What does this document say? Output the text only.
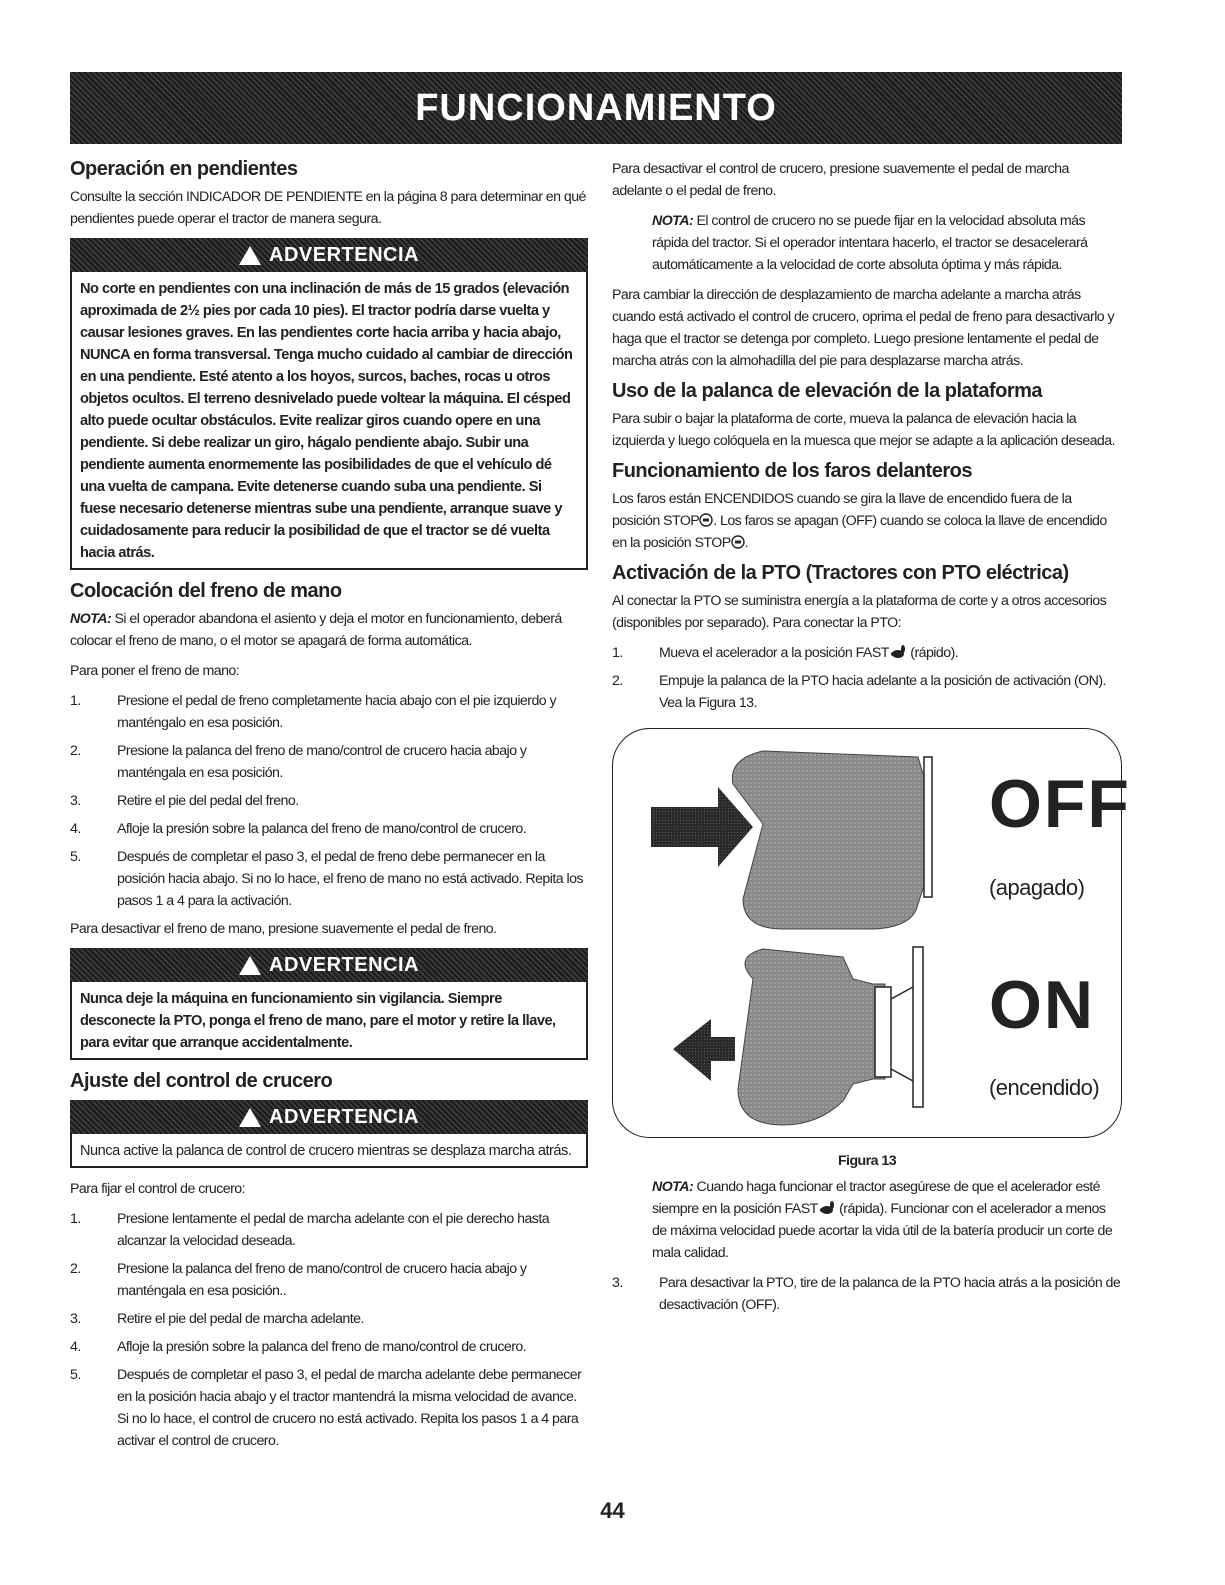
FUNCIONAMIENTO
Operación en pendientes

Consulte la sección INDICADOR DE PENDIENTE en la página 8 para determinar en qué pendientes puede operar el tractor de manera segura.

ADVERTENCIA
No corte en pendientes con una inclinación de más de 15 grados (elevación aproximada de 2½ pies por cada 10 pies). El tractor podría darse vuelta y causar lesiones graves. En las pendientes corte hacia arriba y hacia abajo, NUNCA en forma transversal. Tenga mucho cuidado al cambiar de dirección en una pendiente. Esté atento a los hoyos, surcos, baches, rocas u otros objetos ocultos. El terreno desnivelado puede voltear la máquina. El césped alto puede ocultar obstáculos. Evite realizar giros cuando opere en una pendiente. Si debe realizar un giro, hágalo pendiente abajo. Subir una pendiente aumenta enormemente las posibilidades de que el vehículo dé una vuelta de campana. Evite detenerse cuando suba una pendiente. Si fuese necesario detenerse mientras sube una pendiente, arranque suave y cuidadosamente para reducir la posibilidad de que el tractor se dé vuelta hacia atrás.
Colocación del freno de mano

NOTA: Si el operador abandona el asiento y deja el motor en funcionamiento, deberá colocar el freno de mano, o el motor se apagará de forma automática.

Para poner el freno de mano:

1.	Presione el pedal de freno completamente hacia abajo con el pie izquierdo y manténgalo en esa posición.
2.	Presione la palanca del freno de mano/control de crucero hacia abajo y manténgala en esa posición.
3.	Retire el pie del pedal del freno.
4.	Afloje la presión sobre la palanca del freno de mano/control de crucero.
5.	Después de completar el paso 3, el pedal de freno debe permanecer en la posición hacia abajo. Si no lo hace, el freno de mano no está activado. Repita los pasos 1 a 4 para la activación.

Para desactivar el freno de mano, presione suavemente el pedal de freno.

ADVERTENCIA
Nunca deje la máquina en funcionamiento sin vigilancia. Siempre desconecte la PTO, ponga el freno de mano, pare el motor y retire la llave, para evitar que arranque accidentalmente.
Ajuste del control de crucero
ADVERTENCIA
Nunca active la palanca de control de crucero mientras se desplaza marcha atrás.

Para fijar el control de crucero:

1.	Presione lentamente el pedal de marcha adelante con el pie derecho hasta alcanzar la velocidad deseada.
2.	Presione la palanca del freno de mano/control de crucero hacia abajo y manténgala en esa posición..
3.	Retire el pie del pedal de marcha adelante.
4.	Afloje la presión sobre la palanca del freno de mano/control de crucero.
5.	Después de completar el paso 3, el pedal de marcha adelante debe permanecer en la posición hacia abajo y el tractor mantendrá la misma velocidad de avance. Si no lo hace, el control de crucero no está activado. Repita los pasos 1 a 4 para activar el control de crucero.

Para desactivar el control de crucero, presione suavemente el pedal de marcha adelante o el pedal de freno.

NOTA: El control de crucero no se puede fijar en la velocidad absoluta más rápida del tractor. Si el operador intentara hacerlo, el tractor se desacelerará automáticamente a la velocidad de corte absoluta óptima y más rápida.

Para cambiar la dirección de desplazamiento de marcha adelante a marcha atrás cuando está activado el control de crucero, oprima el pedal de freno para desactivarlo y haga que el tractor se detenga por completo. Luego presione lentamente el pedal de marcha atrás con la almohadilla del pie para desplazarse marcha atrás.

Uso de la palanca de elevación de la plataforma

Para subir o bajar la plataforma de corte, mueva la palanca de elevación hacia la izquierda y luego colóquela en la muesca que mejor se adapte a la aplicación deseada.

Funcionamiento de los faros delanteros

Los faros están ENCENDIDOS cuando se gira la llave de encendido fuera de la posición STOP . Los faros se apagan (OFF) cuando se coloca la llave de encendido en la posición STOP .

Activación de la PTO (Tractores con PTO eléctrica)

Al conectar la PTO se suministra energía a la plataforma de corte y a otros accesorios (disponibles por separado). Para conectar la PTO:

1.	Mueva el acelerador a la posición FAST (rápido).
2.	Empuje la palanca de la PTO hacia adelante a la posición de activación (ON). Vea la Figura 13.
OFF
(apagado)
ON
(encendido)
Figura 13

NOTA: Cuando haga funcionar el tractor asegúrese de que el acelerador esté siempre en la posición FAST (rápida). Funcionar con el acelerador a menos de máxima velocidad puede acortar la vida útil de la batería producir un corte de mala calidad.

3.	Para desactivar la PTO, tire de la palanca de la PTO hacia atrás a la posición de desactivación (OFF).
44
